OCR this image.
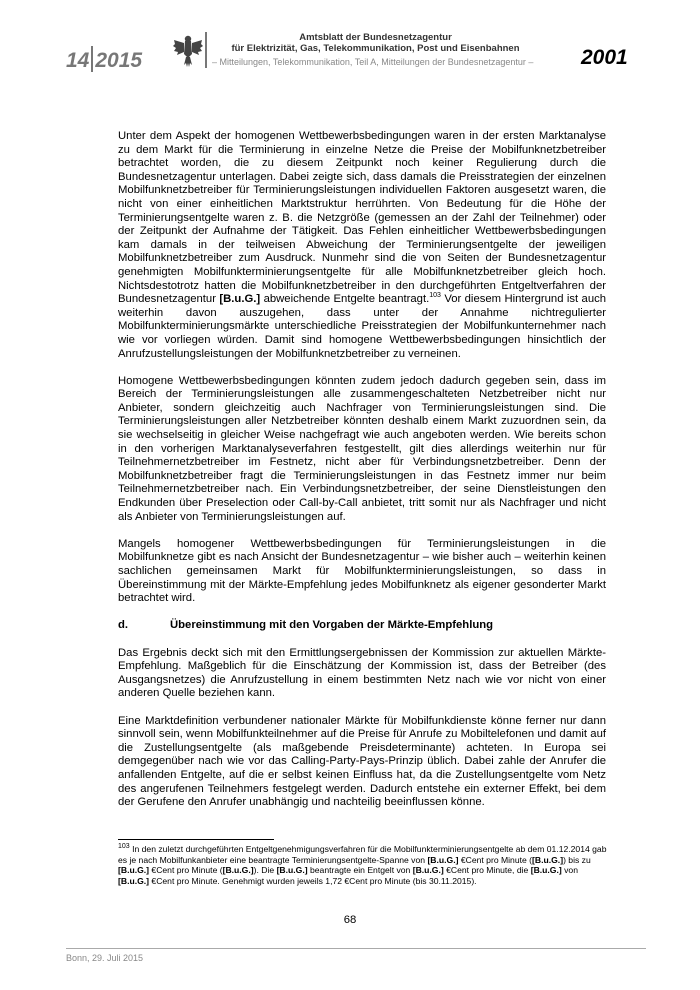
14 2015
Amtsblatt der Bundesnetzagentur
für Elektrizität, Gas, Telekommunikation, Post und Eisenbahnen
– Mitteilungen, Telekommunikation, Teil A, Mitteilungen der Bundesnetzagentur – 2001

Unter dem Aspekt der homogenen Wettbewerbsbedingungen waren in der ersten Marktanalyse zu dem Markt für die Terminierung in einzelne Netze die Preise der Mobilfunknetzbetreiber betrachtet worden, die zu diesem Zeitpunkt noch keiner Regulierung durch die Bundesnetzagentur unterlagen. Dabei zeigte sich, dass damals die Preisstrategien der einzelnen Mobilfunknetzbetreiber für Terminierungsleistungen individuellen Faktoren ausgesetzt waren, die nicht von einer einheitlichen Marktstruktur herrührten. Von Bedeutung für die Höhe der Terminierungsentgelte waren z. B. die Netzgröße (gemessen an der Zahl der Teilnehmer) oder der Zeitpunkt der Aufnahme der Tätigkeit. Das Fehlen einheitlicher Wettbewerbsbedingungen kam damals in der teilweisen Abweichung der Terminierungsentgelte der jeweiligen Mobilfunknetzbetreiber zum Ausdruck. Nunmehr sind die von Seiten der Bundesnetzagentur genehmigten Mobilfunkterminierungsentgelte für alle Mobilfunknetzbetreiber gleich hoch. Nichtsdestotrotz hatten die Mobilfunknetzbetreiber in den durchgeführten Entgeltverfahren der Bundesnetzagentur [B.u.G.] abweichende Entgelte beantragt.$^{103}$ Vor diesem Hintergrund ist auch weiterhin davon auszugehen, dass unter der Annahme nichtregulierter Mobilfunkterminierungsmärkte unterschiedliche Preisstrategien der Mobilfunkunternehmer nach wie vor vorliegen würden. Damit sind homogene Wettbewerbsbedingungen hinsichtlich der Anrufzustellungsleistungen der Mobilfunknetzbetreiber zu verneinen.

Homogene Wettbewerbsbedingungen könnten zudem jedoch dadurch gegeben sein, dass im Bereich der Terminierungsleistungen alle zusammengeschalteten Netzbetreiber nicht nur Anbieter, sondern gleichzeitig auch Nachfrager von Terminierungsleistungen sind. Die Terminierungsleistungen aller Netzbetreiber könnten deshalb einem Markt zuzuordnen sein, da sie wechselseitig in gleicher Weise nachgefragt wie auch angeboten werden. Wie bereits schon in den vorherigen Marktanalyseverfahren festgestellt, gilt dies allerdings weiterhin nur für Teilnehmernetzbetreiber im Festnetz, nicht aber für Verbindungsnetzbetreiber. Denn der Mobilfunknetzbetreiber fragt die Terminierungsleistungen in das Festnetz immer nur beim Teilnehmernetzbetreiber nach. Ein Verbindungsnetzbetreiber, der seine Dienstleistungen den Endkunden über Preselection oder Call-by-Call anbietet, tritt somit nur als Nachfrager und nicht als Anbieter von Terminierungsleistungen auf.

Mangels homogener Wettbewerbsbedingungen für Terminierungsleistungen in die Mobilfunknetze gibt es nach Ansicht der Bundesnetzagentur – wie bisher auch – weiterhin keinen sachlichen gemeinsamen Markt für Mobilfunkterminierungsleistungen, so dass in Übereinstimmung mit der Märkte-Empfehlung jedes Mobilfunknetz als eigener gesonderter Markt betrachtet wird.

d.	Übereinstimmung mit den Vorgaben der Märkte-Empfehlung

Das Ergebnis deckt sich mit den Ermittlungsergebnissen der Kommission zur aktuellen Märkte-Empfehlung. Maßgeblich für die Einschätzung der Kommission ist, dass der Betreiber (des Ausgangsnetzes) die Anrufzustellung in einem bestimmten Netz nach wie vor nicht von einer anderen Quelle beziehen kann.

Eine Marktdefinition verbundener nationaler Märkte für Mobilfunkdienste könne ferner nur dann sinnvoll sein, wenn Mobilfunkteilnehmer auf die Preise für Anrufe zu Mobiltelefonen und damit auf die Zustellungsentgelte (als maßgebende Preisdeterminante) achteten. In Europa sei demgegenüber nach wie vor das Calling-Party-Pays-Prinzip üblich. Dabei zahle der Anrufer die anfallenden Entgelte, auf die er selbst keinen Einfluss hat, da die Zustellungsentgelte vom Netz des angerufenen Teilnehmers festgelegt werden. Dadurch entstehe ein externer Effekt, bei dem der Gerufene den Anrufer unabhängig und nachteilig beeinflussen könne.

$^{103}$ In den zuletzt durchgeführten Entgeltgenehmigungsverfahren für die Mobilfunkterminierungsentgelte ab dem 01.12.2014 gab es je nach Mobilfunkanbieter eine beantragte Terminierungsentgelte-Spanne von [B.u.G.] €Cent pro Minute ([B.u.G.]) bis zu [B.u.G.] €Cent pro Minute ([B.u.G.]). Die [B.u.G.] beantragte ein Entgelt von [B.u.G.] €Cent pro Minute, die [B.u.G.] von [B.u.G.] €Cent pro Minute. Genehmigt wurden jeweils 1,72 €Cent pro Minute (bis 30.11.2015).

68
Bonn, 29. Juli 2015
